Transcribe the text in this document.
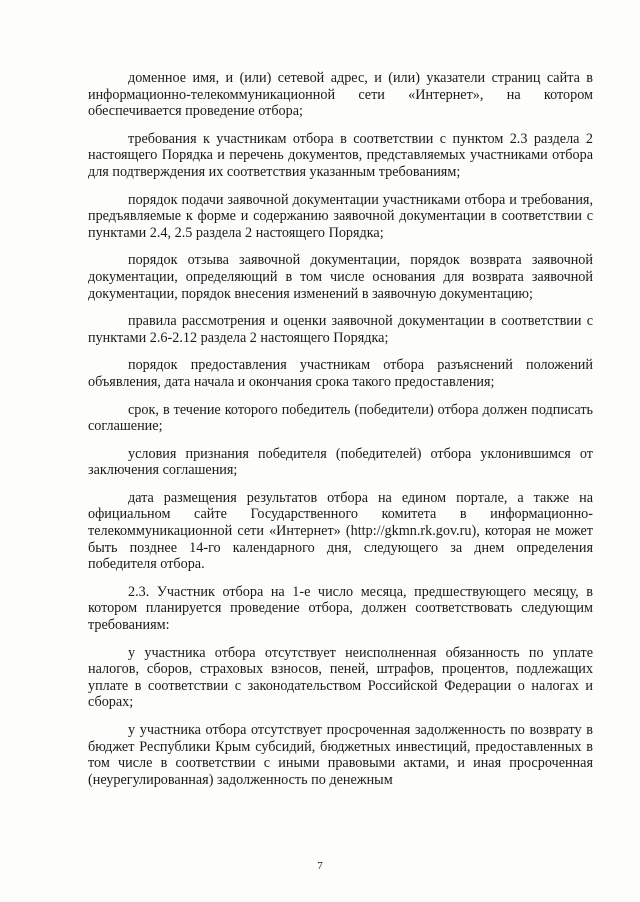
доменное имя, и (или) сетевой адрес, и (или) указатели страниц сайта в информационно-телекоммуникационной сети «Интернет», на котором обеспечивается проведение отбора;

требования к участникам отбора в соответствии с пунктом 2.3 раздела 2 настоящего Порядка и перечень документов, представляемых участниками отбора для подтверждения их соответствия указанным требованиям;

порядок подачи заявочной документации участниками отбора и требования, предъявляемые к форме и содержанию заявочной документации в соответствии с пунктами 2.4, 2.5 раздела 2 настоящего Порядка;

порядок отзыва заявочной документации, порядок возврата заявочной документации, определяющий в том числе основания для возврата заявочной документации, порядок внесения изменений в заявочную документацию;

правила рассмотрения и оценки заявочной документации в соответствии с пунктами 2.6-2.12 раздела 2 настоящего Порядка;

порядок предоставления участникам отбора разъяснений положений объявления, дата начала и окончания срока такого предоставления;

срок, в течение которого победитель (победители) отбора должен подписать соглашение;

условия признания победителя (победителей) отбора уклонившимся от заключения соглашения;

дата размещения результатов отбора на едином портале, а также на официальном сайте Государственного комитета в информационно-телекоммуникационной сети «Интернет» (http://gkmn.rk.gov.ru), которая не может быть позднее 14-го календарного дня, следующего за днем определения победителя отбора.

2.3. Участник отбора на 1-е число месяца, предшествующего месяцу, в котором планируется проведение отбора, должен соответствовать следующим требованиям:

у участника отбора отсутствует неисполненная обязанность по уплате налогов, сборов, страховых взносов, пеней, штрафов, процентов, подлежащих уплате в соответствии с законодательством Российской Федерации о налогах и сборах;

у участника отбора отсутствует просроченная задолженность по возврату в бюджет Республики Крым субсидий, бюджетных инвестиций, предоставленных в том числе в соответствии с иными правовыми актами, и иная просроченная (неурегулированная) задолженность по денежным

7
